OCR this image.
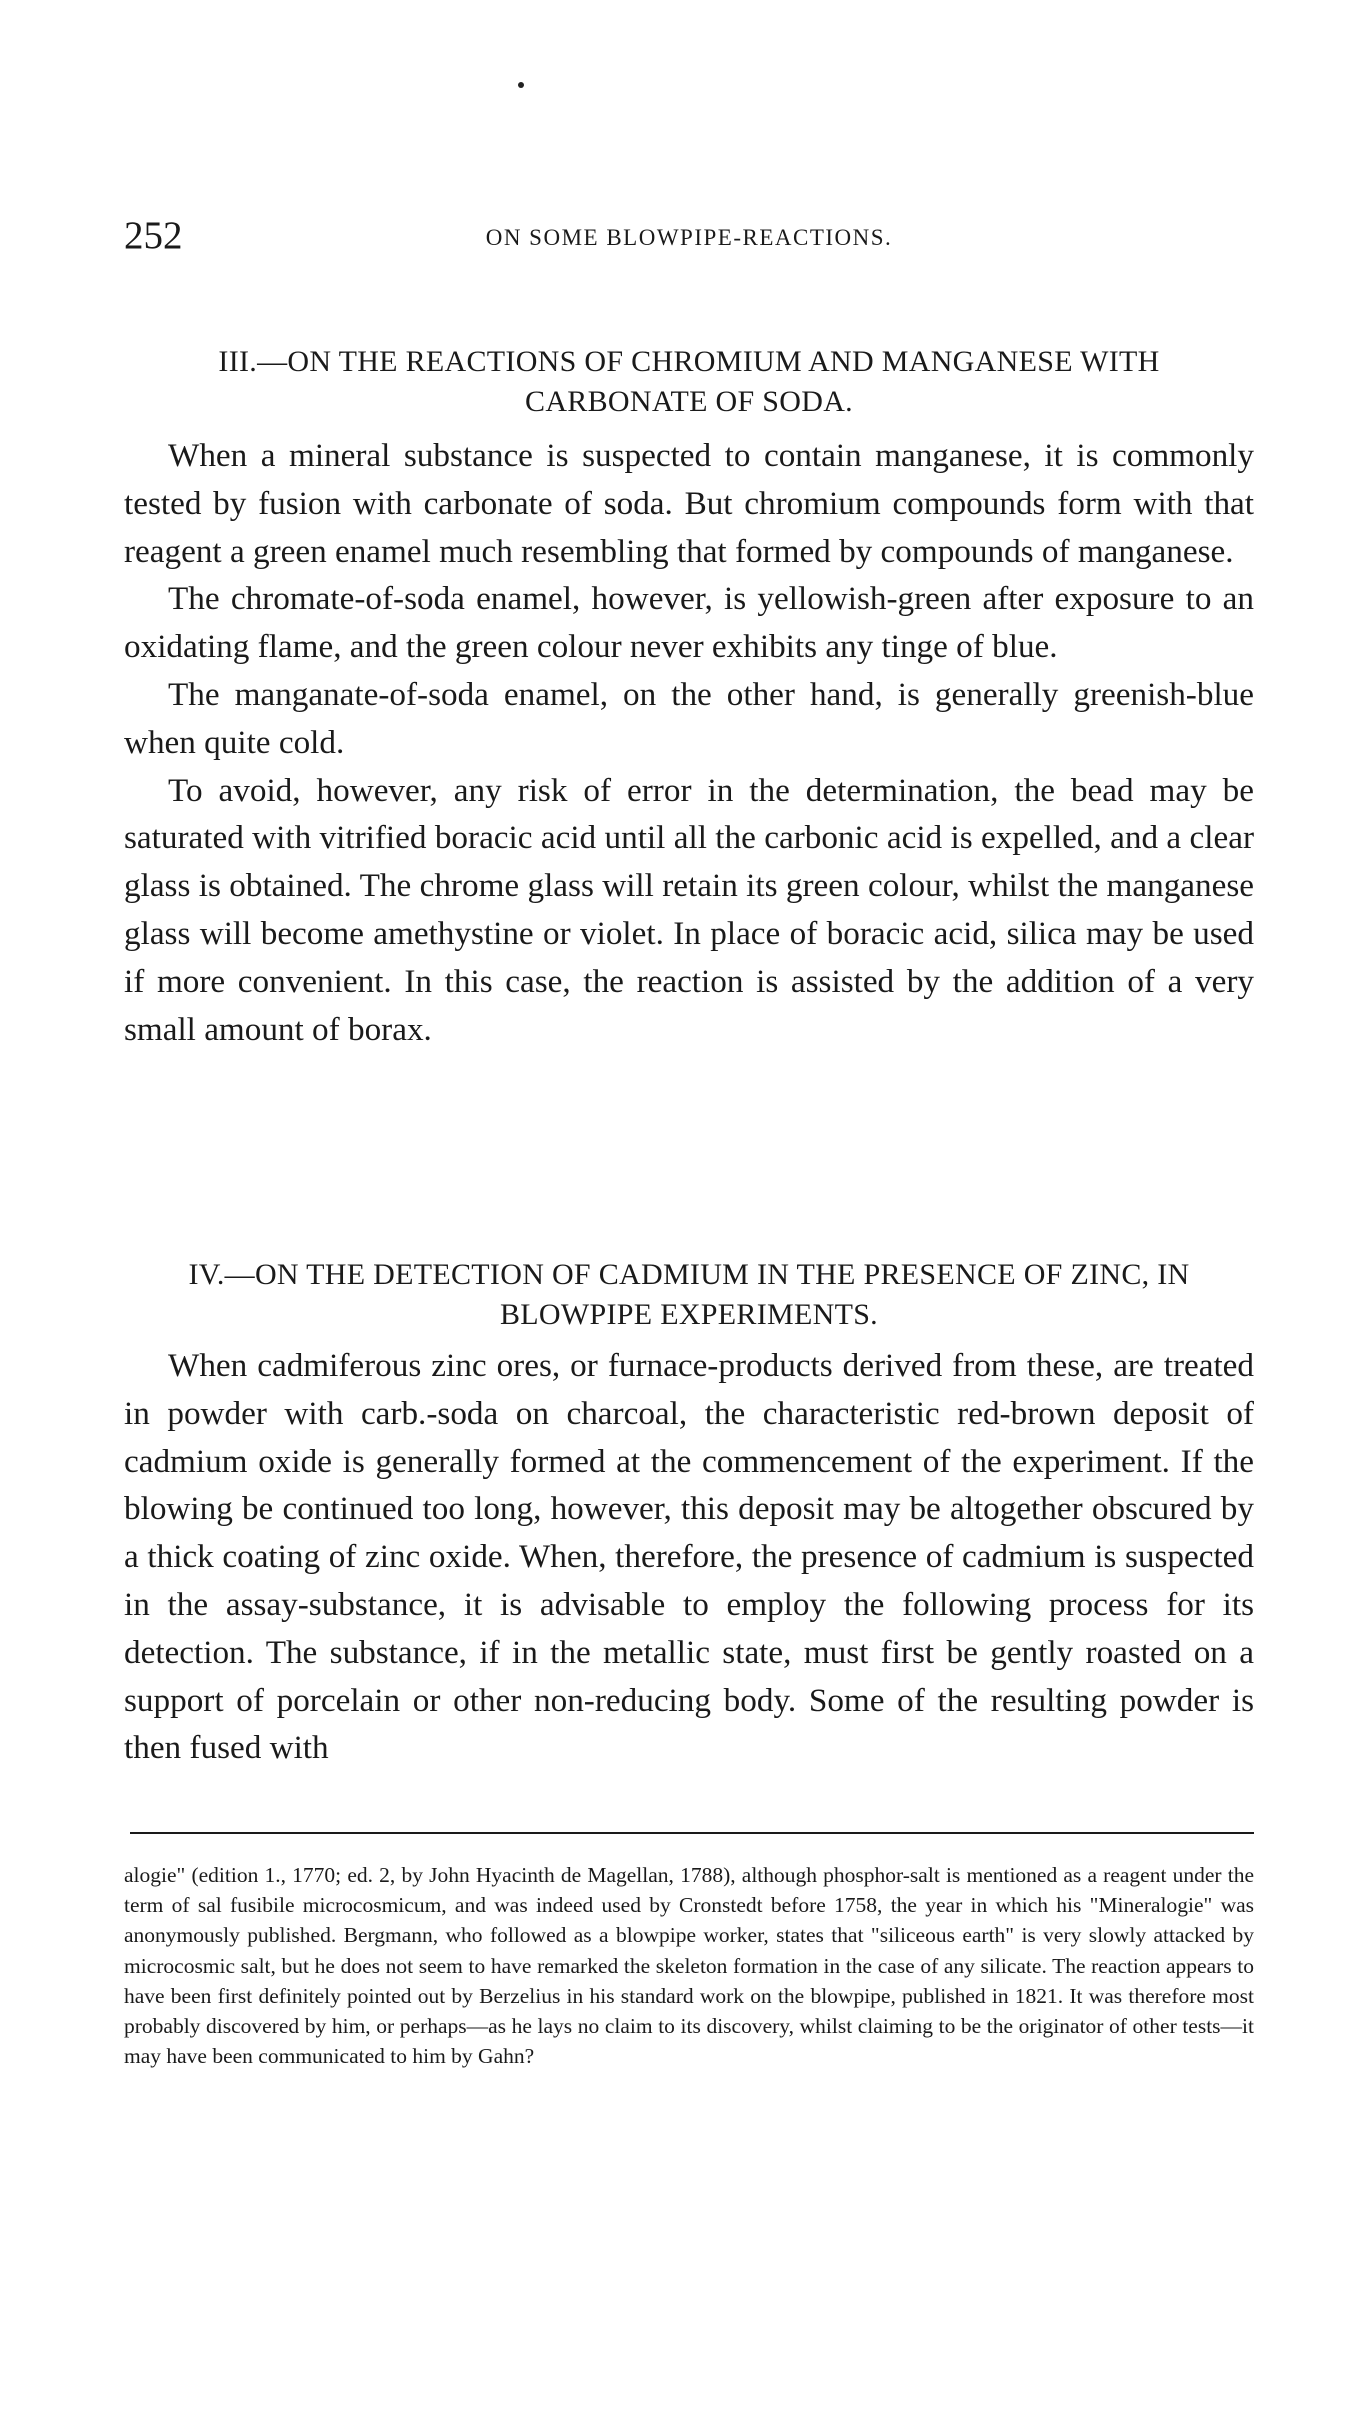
252	ON SOME BLOWPIPE-REACTIONS.
III.—ON THE REACTIONS OF CHROMIUM AND MANGANESE WITH CARBONATE OF SODA.

When a mineral substance is suspected to contain manganese, it is commonly tested by fusion with carbonate of soda. But chromium compounds form with that reagent a green enamel much resembling that formed by compounds of manganese.

The chromate-of-soda enamel, however, is yellowish-green after exposure to an oxidating flame, and the green colour never exhibits any tinge of blue.

The manganate-of-soda enamel, on the other hand, is generally greenish-blue when quite cold.

To avoid, however, any risk of error in the determination, the bead may be saturated with vitrified boracic acid until all the carbonic acid is expelled, and a clear glass is obtained. The chrome glass will retain its green colour, whilst the manganese glass will become amethystine or violet. In place of boracic acid, silica may be used if more convenient. In this case, the reaction is assisted by the addition of a very small amount of borax.

IV.—ON THE DETECTION OF CADMIUM IN THE PRESENCE OF ZINC, IN BLOWPIPE EXPERIMENTS.

When cadmiferous zinc ores, or furnace-products derived from these, are treated in powder with carb.-soda on charcoal, the characteristic red-brown deposit of cadmium oxide is generally formed at the commencement of the experiment. If the blowing be continued too long, however, this deposit may be altogether obscured by a thick coating of zinc oxide. When, therefore, the presence of cadmium is suspected in the assay-substance, it is advisable to employ the following process for its detection. The substance, if in the metallic state, must first be gently roasted on a support of porcelain or other non-reducing body. Some of the resulting powder is then fused with

alogie" (edition 1., 1770; ed. 2, by John Hyacinth de Magellan, 1788), although phosphor-salt is mentioned as a reagent under the term of sal fusibile microcosmicum, and was indeed used by Cronstedt before 1758, the year in which his "Mineralogie" was anonymously published. Bergmann, who followed as a blowpipe worker, states that "siliceous earth" is very slowly attacked by microcosmic salt, but he does not seem to have remarked the skeleton formation in the case of any silicate. The reaction appears to have been first definitely pointed out by Berzelius in his standard work on the blowpipe, published in 1821. It was therefore most probably discovered by him, or perhaps—as he lays no claim to its discovery, whilst claiming to be the originator of other tests—it may have been communicated to him by Gahn?
